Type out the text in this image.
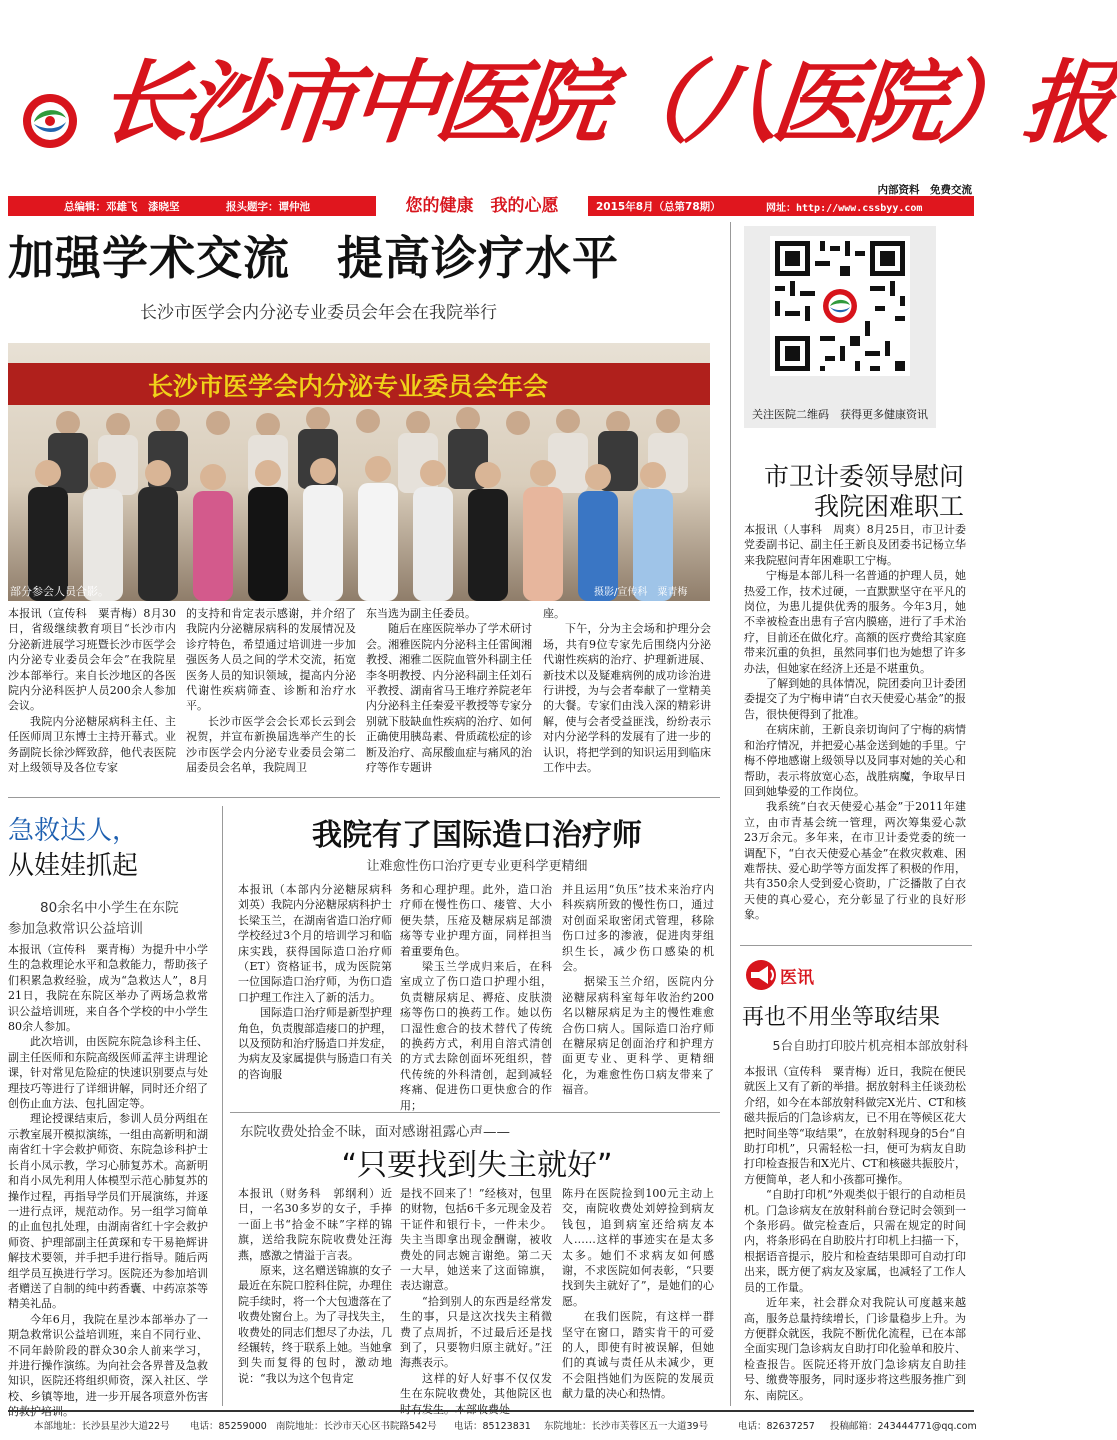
长沙市中医院（八医院）报
内部资料　免费交流
总编辑：邓雄飞　漆晓坚	报头题字：谭仲池	2015年8月（总第78期）	网址：http://www.cssbyy.com
您的健康　我的心愿
加强学术交流　提高诊疗水平
长沙市医学会内分泌专业委员会年会在我院举行
长沙市医学会内分泌专业委员会年会
部分参会人员合影。	摄影/宣传科　粟青梅

本报讯（宣传科　粟青梅）8月30日，省级继续教育项目“长沙市内分泌新进展学习班暨长沙市医学会内分泌专业委员会年会”在我院星沙本部举行。来自长沙地区的各医院内分泌科医护人员200余人参加会议。

我院内分泌糖尿病科主任、主任医师周卫东博士主持开幕式。业务副院长徐沙辉致辞，他代表医院对上级领导及各位专家

的支持和肯定表示感谢，并介绍了我院内分泌糖尿病科的发展情况及诊疗特色，希望通过培训进一步加强医务人员之间的学术交流，拓宽医务人员的知识领域，提高内分泌代谢性疾病筛查、诊断和治疗水平。

长沙市医学会会长邓长云到会祝贺，并宣布新换届选举产生的长沙市医学会内分泌专业委员会第二届委员会名单，我院周卫

东当选为副主任委员。

随后在座医院举办了学术研讨会。湘雅医院内分泌科主任雷闽湘教授、湘雅二医院血管外科副主任李冬明教授、内分泌科副主任刘石平教授、湖南省马王堆疗养院老年内分泌科主任秦爱平教授等专家分别就下肢缺血性疾病的治疗、如何正确使用胰岛素、骨质疏松症的诊断及治疗、高尿酸血症与痛风的治疗等作专题讲

座。

下午，分为主会场和护理分会场，共有9位专家先后围绕内分泌代谢性疾病的治疗、护理新进展、新技术以及疑难病例的成功诊治进行讲授，为与会者奉献了一堂精美的大餐。专家们由浅入深的精彩讲解，使与会者受益匪浅，纷纷表示对内分泌学科的发展有了进一步的认识，将把学到的知识运用到临床工作中去。

关注医院二维码　获得更多健康资讯
市卫计委领导慰问
我院困难职工

本报讯（人事科　周爽）8月25日，市卫计委党委副书记、副主任王新良及团委书记杨立华来我院慰问青年困难职工宁梅。

宁梅是本部儿科一名普通的护理人员，她热爱工作，技术过硬，一直默默坚守在平凡的岗位，为患儿提供优秀的服务。今年3月，她不幸被检查出患有子宫内膜癌，进行了手术治疗，目前还在做化疗。高额的医疗费给其家庭带来沉重的负担，虽然同事们也为她想了许多办法，但她家在经济上还是不堪重负。

了解到她的具体情况，院团委向卫计委团委提交了为宁梅申请“白衣天使爱心基金”的报告，很快便得到了批准。

在病床前，王新良亲切询问了宁梅的病情和治疗情况，并把爱心基金送到她的手里。宁梅不停地感谢上级领导以及同事对她的关心和帮助，表示将放宽心态，战胜病魔，争取早日回到她挚爱的工作岗位。

我系统“白衣天使爱心基金”于2011年建立，由市青基会统一管理，两次筹集爱心款23万余元。多年来，在市卫计委党委的统一调配下，“白衣天使爱心基金”在救灾救难、困难帮扶、爱心助学等方面发挥了积极的作用，共有350余人受到爱心资助，广泛播散了白衣天使的真心爱心，充分彰显了行业的良好形象。

医讯
再也不用坐等取结果
5台自助打印胶片机亮相本部放射科

本报讯（宣传科　粟青梅）近日，我院在便民就医上又有了新的举措。据放射科主任谈劲松介绍，如今在本部放射科做完X光片、CT和核磁共振后的门急诊病友，已不用在等候区花大把时间坐等“取结果”，在放射科现身的5台“自助打印机”，只需轻松一扫，便可为病友自助打印检查报告和X光片、CT和核磁共振胶片，方便简单，老人和小孩都可操作。

“自助打印机”外观类似于银行的自动柜员机。门急诊病友在放射科前台登记时会领到一个条形码。做完检查后，只需在规定的时间内，将条形码在自助胶片打印机上扫描一下，根据语音提示，胶片和检查结果即可自动打印出来，既方便了病友及家属，也减轻了工作人员的工作量。

近年来，社会群众对我院认可度越来越高，服务总量持续增长，门诊量稳步上升。为方便群众就医，我院不断优化流程，已在本部全面实现门急诊病友自助打印化验单和胶片、检查报告。医院还将开放门急诊病友自助挂号、缴费等服务，同时逐步将这些服务推广到东、南院区。

急救达人，
从娃娃抓起
80余名中小学生在东院
参加急救常识公益培训

本报讯（宣传科　粟青梅）为提升中小学生的急救理论水平和急救能力，帮助孩子们积累急救经验，成为“急救达人”，8月21日，我院在东院区举办了两场急救常识公益培训班，来自各个学校的中小学生80余人参加。

此次培训，由医院东院急诊科主任、副主任医师和东院高级医师孟萍主讲理论课，针对常见危险症的快速识别要点与处理技巧等进行了详细讲解，同时还介绍了创伤止血方法、包扎固定等。

理论授课结束后，参训人员分两组在示教室展开模拟演练，一组由高新明和湖南省红十字会救护师资、东院急诊科护士长肖小凤示教，学习心肺复苏术。高新明和肖小凤先利用人体模型示范心肺复苏的操作过程，再指导学员们开展演练，并逐一进行点评，规范动作。另一组学习简单的止血包扎处理，由湖南省红十字会救护师资、护理部副主任黄琛和专干易艳辉讲解技术要领，并手把手进行指导。随后两组学员互换进行学习。医院还为参加培训者赠送了自制的纯中药香囊、中药凉茶等精美礼品。

今年6月，我院在星沙本部举办了一期急救常识公益培训班，来自不同行业、不同年龄阶段的群众30余人前来学习，并进行操作演练。为向社会各界普及急救知识，医院还将组织师资，深入社区、学校、乡镇等地，进一步开展各项意外伤害

我院有了国际造口治疗师
让难愈性伤口治疗更专业更科学更精细

本报讯（本部内分泌糖尿病科　刘英）我院内分泌糖尿病科护士长梁玉兰，在湖南省造口治疗师学校经过3个月的培训学习和临床实践，获得国际造口治疗师（ET）资格证书，成为医院第一位国际造口治疗师，为伤口造口护理工作注入了新的活力。

国际造口治疗师是新型护理角色，负责腹部造瘘口的护理，以及预防和治疗肠造口并发症，为病友及家属提供与肠造口有关的咨询服

务和心理护理。此外，造口治疗师在慢性伤口、瘘管、大小便失禁，压疮及糖尿病足部溃疡等专业护理方面，同样担当着重要角色。

梁玉兰学成归来后，在科室成立了伤口造口护理小组，负责糖尿病足、褥疮、皮肤溃疡等伤口的换药工作。她以伤口湿性愈合的技术替代了传统的换药方式，利用自溶式清创的方式去除创面坏死组织，替代传统的外科清创，起到减轻疼痛、促进伤口更快愈合的作用；

并且运用“负压”技术来治疗内科疾病所致的慢性伤口，通过对创面采取密闭式管理，移除伤口过多的渗液，促进肉芽组织生长，减少伤口感染的机会。

据梁玉兰介绍，医院内分泌糖尿病科室每年收治约200名以糖尿病足为主的慢性难愈合伤口病人。国际造口治疗师在糖尿病足创面治疗和护理方面更专业、更科学、更精细化，为难愈性伤口病友带来了福音。

东院收费处拾金不昧，面对感谢祖露心声——
“只要找到失主就好”

本报讯（财务科　郭纲利）近日，一名30多岁的女子，手捧一面上书“拾金不昧”字样的锦旗，送给我院东院收费处汪海燕，感激之情溢于言表。

原来，这名赠送锦旗的女子最近在东院口腔科住院，办理住院手续时，将一个大包遗落在了收费处窗台上。为了寻找失主，收费处的同志们想尽了办法，几经辗转，终于联系上她。当她拿到失而复得的包时，激动地说：“我以为这个包肯定

是找不回来了！”经核对，包里的财物，包括6千多元现金及若干证件和银行卡，一件未少。失主当即拿出现金酬谢，被收费处的同志婉言谢绝。第二天一大早，她送来了这面锦旗，表达谢意。

“拾到别人的东西是经常发生的事，只是这次找失主稍微费了点周折，不过最后还是找到了，只要物归原主就好。”汪海燕表示。

这样的好人好事不仅仅发生在东院收费处，其他院区也

陈丹在医院捡到100元主动上交，南院收费处刘婷捡到病友钱包，追到病室还给病友本人……这样的事迹实在是太多太多。她们不求病友如何感谢，不求医院如何表彰，“只要找到失主就好了”，是她们的心愿。

在我们医院，有这样一群坚守在窗口，踏实肯干的可爱的人，即使有时被误解，但她们的真诚与责任从未减少，更不会阻挡她们为医院的发展贡献力量的决心和热情。

本部地址：长沙县星沙大道22号 电话：85259000 南院地址：长沙市天心区书院路542号 电话：85123831 东院地址：长沙市芙蓉区五一大道39号	电话：82637257 投稿邮箱：243444771@qq.com
